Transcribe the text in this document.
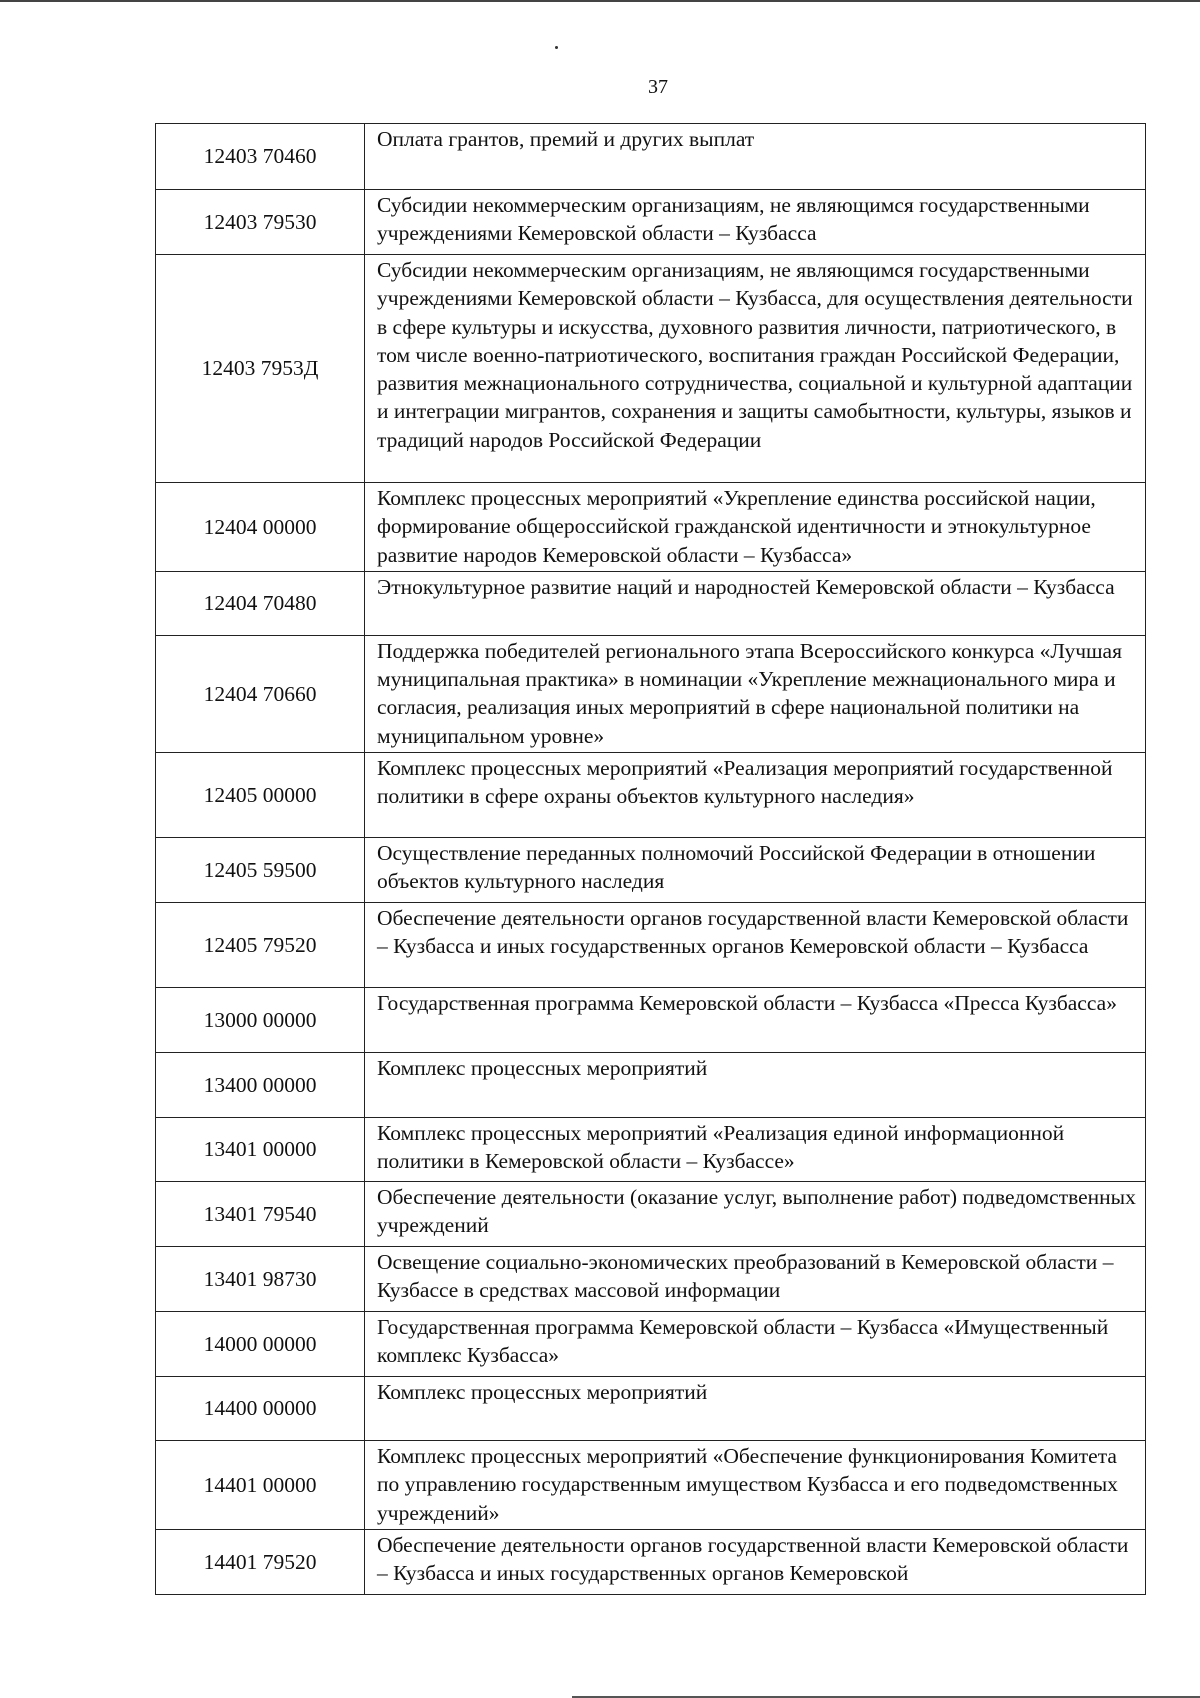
37
12403 70460	Оплата грантов, премий и других выплат
12403 79530	Субсидии некоммерческим организациям, не являющимся государственными учреждениями Кемеровской области – Кузбасса
12403 7953Д	Субсидии некоммерческим организациям, не являющимся государственными учреждениями Кемеровской области – Кузбасса, для осуществления деятельности в сфере культуры и искусства, духовного развития личности, патриотического, в том числе военно-патриотического, воспитания граждан Российской Федерации, развития межнационального сотрудничества, социальной и культурной адаптации и интеграции мигрантов, сохранения и защиты самобытности, культуры, языков и традиций народов Российской Федерации
12404 00000	Комплекс процессных мероприятий «Укрепление единства российской нации, формирование общероссийской гражданской идентичности и этнокультурное развитие народов Кемеровской области – Кузбасса»
12404 70480	Этнокультурное развитие наций и народностей Кемеровской области – Кузбасса
12404 70660	Поддержка победителей регионального этапа Всероссийского конкурса «Лучшая муниципальная практика» в номинации «Укрепление межнационального мира и согласия, реализация иных мероприятий в сфере национальной политики на муниципальном уровне»
12405 00000	Комплекс процессных мероприятий «Реализация мероприятий государственной политики в сфере охраны объектов культурного наследия»
12405 59500	Осуществление переданных полномочий Российской Федерации в отношении объектов культурного наследия
12405 79520	Обеспечение деятельности органов государственной власти Кемеровской области – Кузбасса и иных государственных органов Кемеровской области – Кузбасса
13000 00000	Государственная программа Кемеровской области – Кузбасса «Пресса Кузбасса»
13400 00000	Комплекс процессных мероприятий
13401 00000	Комплекс процессных мероприятий «Реализация единой информационной политики в Кемеровской области – Кузбассе»
13401 79540	Обеспечение деятельности (оказание услуг, выполнение работ) подведомственных учреждений
13401 98730	Освещение социально-экономических преобразований в Кемеровской области – Кузбассе в средствах массовой информации
14000 00000	Государственная программа Кемеровской области – Кузбасса «Имущественный комплекс Кузбасса»
14400 00000	Комплекс процессных мероприятий
14401 00000	Комплекс процессных мероприятий «Обеспечение функционирования Комитета по управлению государственным имуществом Кузбасса и его подведомственных учреждений»
14401 79520	Обеспечение деятельности органов государственной власти Кемеровской области – Кузбасса и иных государственных органов Кемеровской
